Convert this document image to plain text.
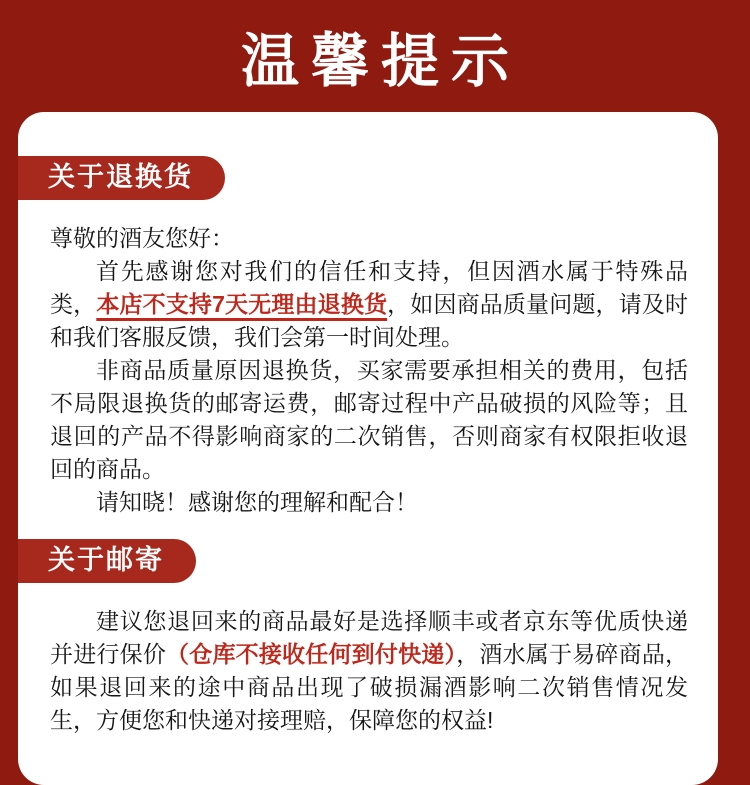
温馨提示
关于退换货

尊敬的酒友您好：

首先感谢您对我们的信任和支持，但因酒水属于特殊品类，本店不支持7天无理由退换货，如因商品质量问题，请及时和我们客服反馈，我们会第一时间处理。

非商品质量原因退换货，买家需要承担相关的费用，包括不局限退换货的邮寄运费，邮寄过程中产品破损的风险等；且退回的产品不得影响商家的二次销售，否则商家有权限拒收退回的商品。

请知晓！感谢您的理解和配合！

关于邮寄

建议您退回来的商品最好是选择顺丰或者京东等优质快递并进行保价（仓库不接收任何到付快递），酒水属于易碎商品，如果退回来的途中商品出现了破损漏酒影响二次销售情况发生，方便您和快递对接理赔，保障您的权益!
